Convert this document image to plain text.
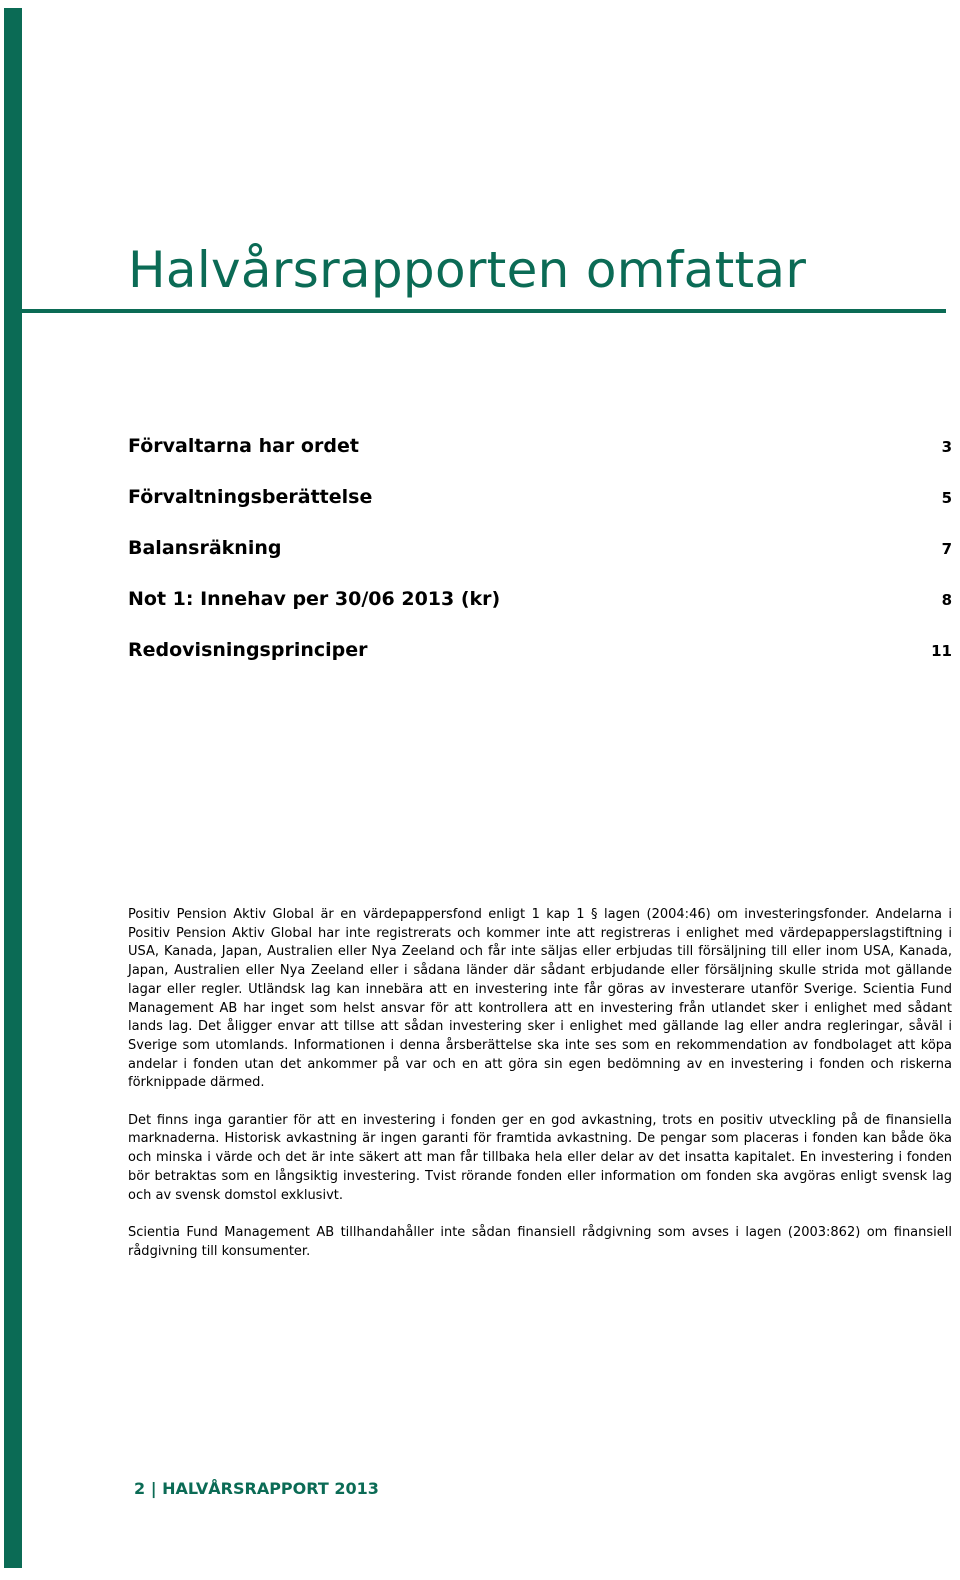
Halvårsrapporten omfattar
Förvaltarna har ordet	3
Förvaltningsberättelse	5
Balansräkning	7
Not 1: Innehav per 30/06 2013 (kr)	8
Redovisningsprinciper	11

Positiv Pension Aktiv Global är en värdepappersfond enligt 1 kap 1 § lagen (2004:46) om investeringsfonder. Andelarna i Positiv Pension Aktiv Global har inte registrerats och kommer inte att registreras i enlighet med värdepapperslagstiftning i USA, Kanada, Japan, Australien eller Nya Zeeland och får inte säljas eller erbjudas till försäljning till eller inom USA, Kanada, Japan, Australien eller Nya Zeeland eller i sådana länder där sådant erbjudande eller försäljning skulle strida mot gällande lagar eller regler. Utländsk lag kan innebära att en investering inte får göras av investerare utanför Sverige. Scientia Fund Management AB har inget som helst ansvar för att kontrollera att en investering från utlandet sker i enlighet med sådant lands lag. Det åligger envar att tillse att sådan investering sker i enlighet med gällande lag eller andra regleringar, såväl i Sverige som utomlands. Informationen i denna årsberättelse ska inte ses som en rekommendation av fondbolaget att köpa andelar i fonden utan det ankommer på var och en att göra sin egen bedömning av en investering i fonden och riskerna förknippade därmed.

Det finns inga garantier för att en investering i fonden ger en god avkastning, trots en positiv utveckling på de finansiella marknaderna. Historisk avkastning är ingen garanti för framtida avkastning. De pengar som placeras i fonden kan både öka och minska i värde och det är inte säkert att man får tillbaka hela eller delar av det insatta kapitalet. En investering i fonden bör betraktas som en långsiktig investering. Tvist rörande fonden eller information om fonden ska avgöras enligt svensk lag och av svensk domstol exklusivt.

Scientia Fund Management AB tillhandahåller inte sådan finansiell rådgivning som avses i lagen (2003:862) om finansiell rådgivning till konsumenter.

2 | HALVÅRSRAPPORT 2013
